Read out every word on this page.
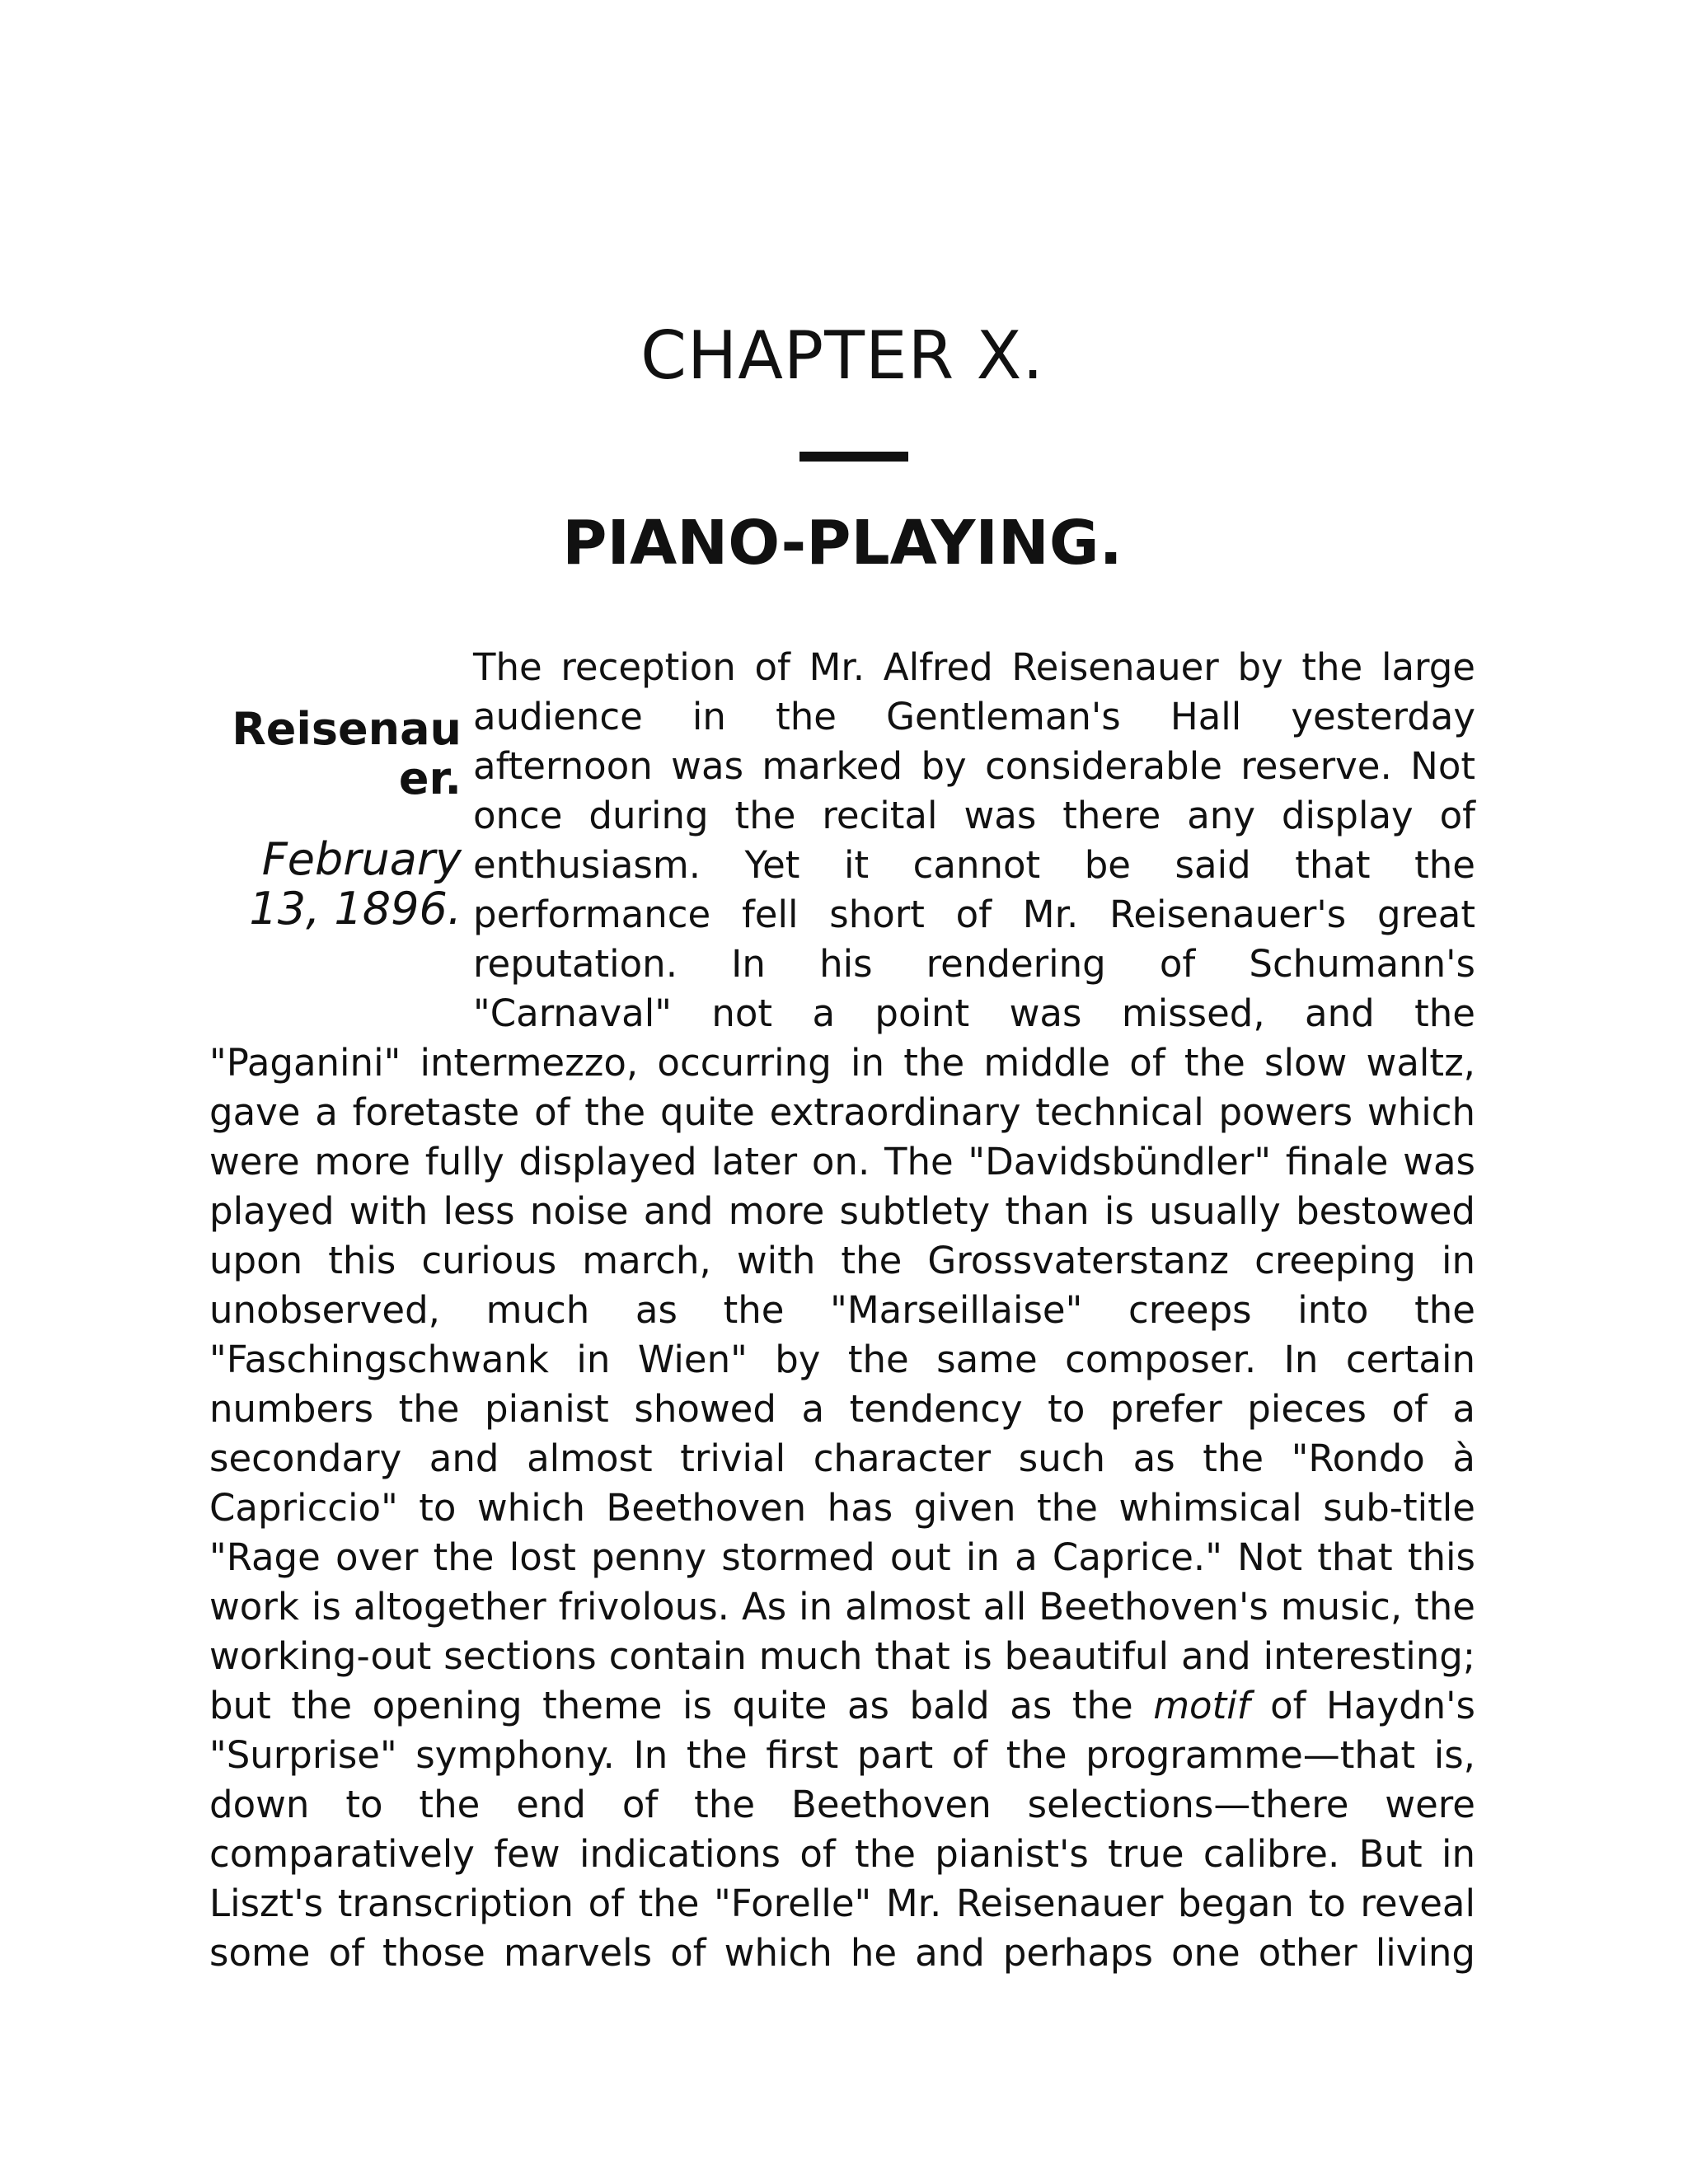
CHAPTER X.
PIANO-PLAYING.

The reception of Mr. Alfred Reisenauer by the large audience in the Gentleman's Hall yesterday afternoon was marked by considerable reserve. Not once during the recital was there any display of enthusiasm. Yet it cannot be said that the performance fell short of Mr. Reisenauer's great reputation. In his rendering of Schumann's "Carnaval" not a point was missed, and the "Paganini" intermezzo, occurring in the middle of the slow waltz, gave a foretaste of the quite extraordinary technical powers which were more fully displayed later on. The "Davidsbündler" finale was played with less noise and more subtlety than is usually bestowed upon this curious march, with the Grossvaterstanz creeping in unobserved, much as the "Marseillaise" creeps into the "Faschingschwank in Wien" by the same composer. In certain numbers the pianist showed a tendency to prefer pieces of a secondary and almost trivial character such as the "Rondo à Capriccio" to which Beethoven has given the whimsical sub-title "Rage over the lost penny stormed out in a Caprice." Not that this work is altogether frivolous. As in almost all Beethoven's music, the working-out sections contain much that is beautiful and interesting; but the opening theme is quite as bald as the motif of Haydn's "Surprise" symphony. In the first part of the programme—that is, down to the end of the Beethoven selections—there were comparatively few indications of the pianist's true calibre. But in Liszt's transcription of the "Forelle" Mr. Reisenauer began to reveal some of those marvels of which he and perhaps one other living

Reisenauer.

February 13, 1896.
